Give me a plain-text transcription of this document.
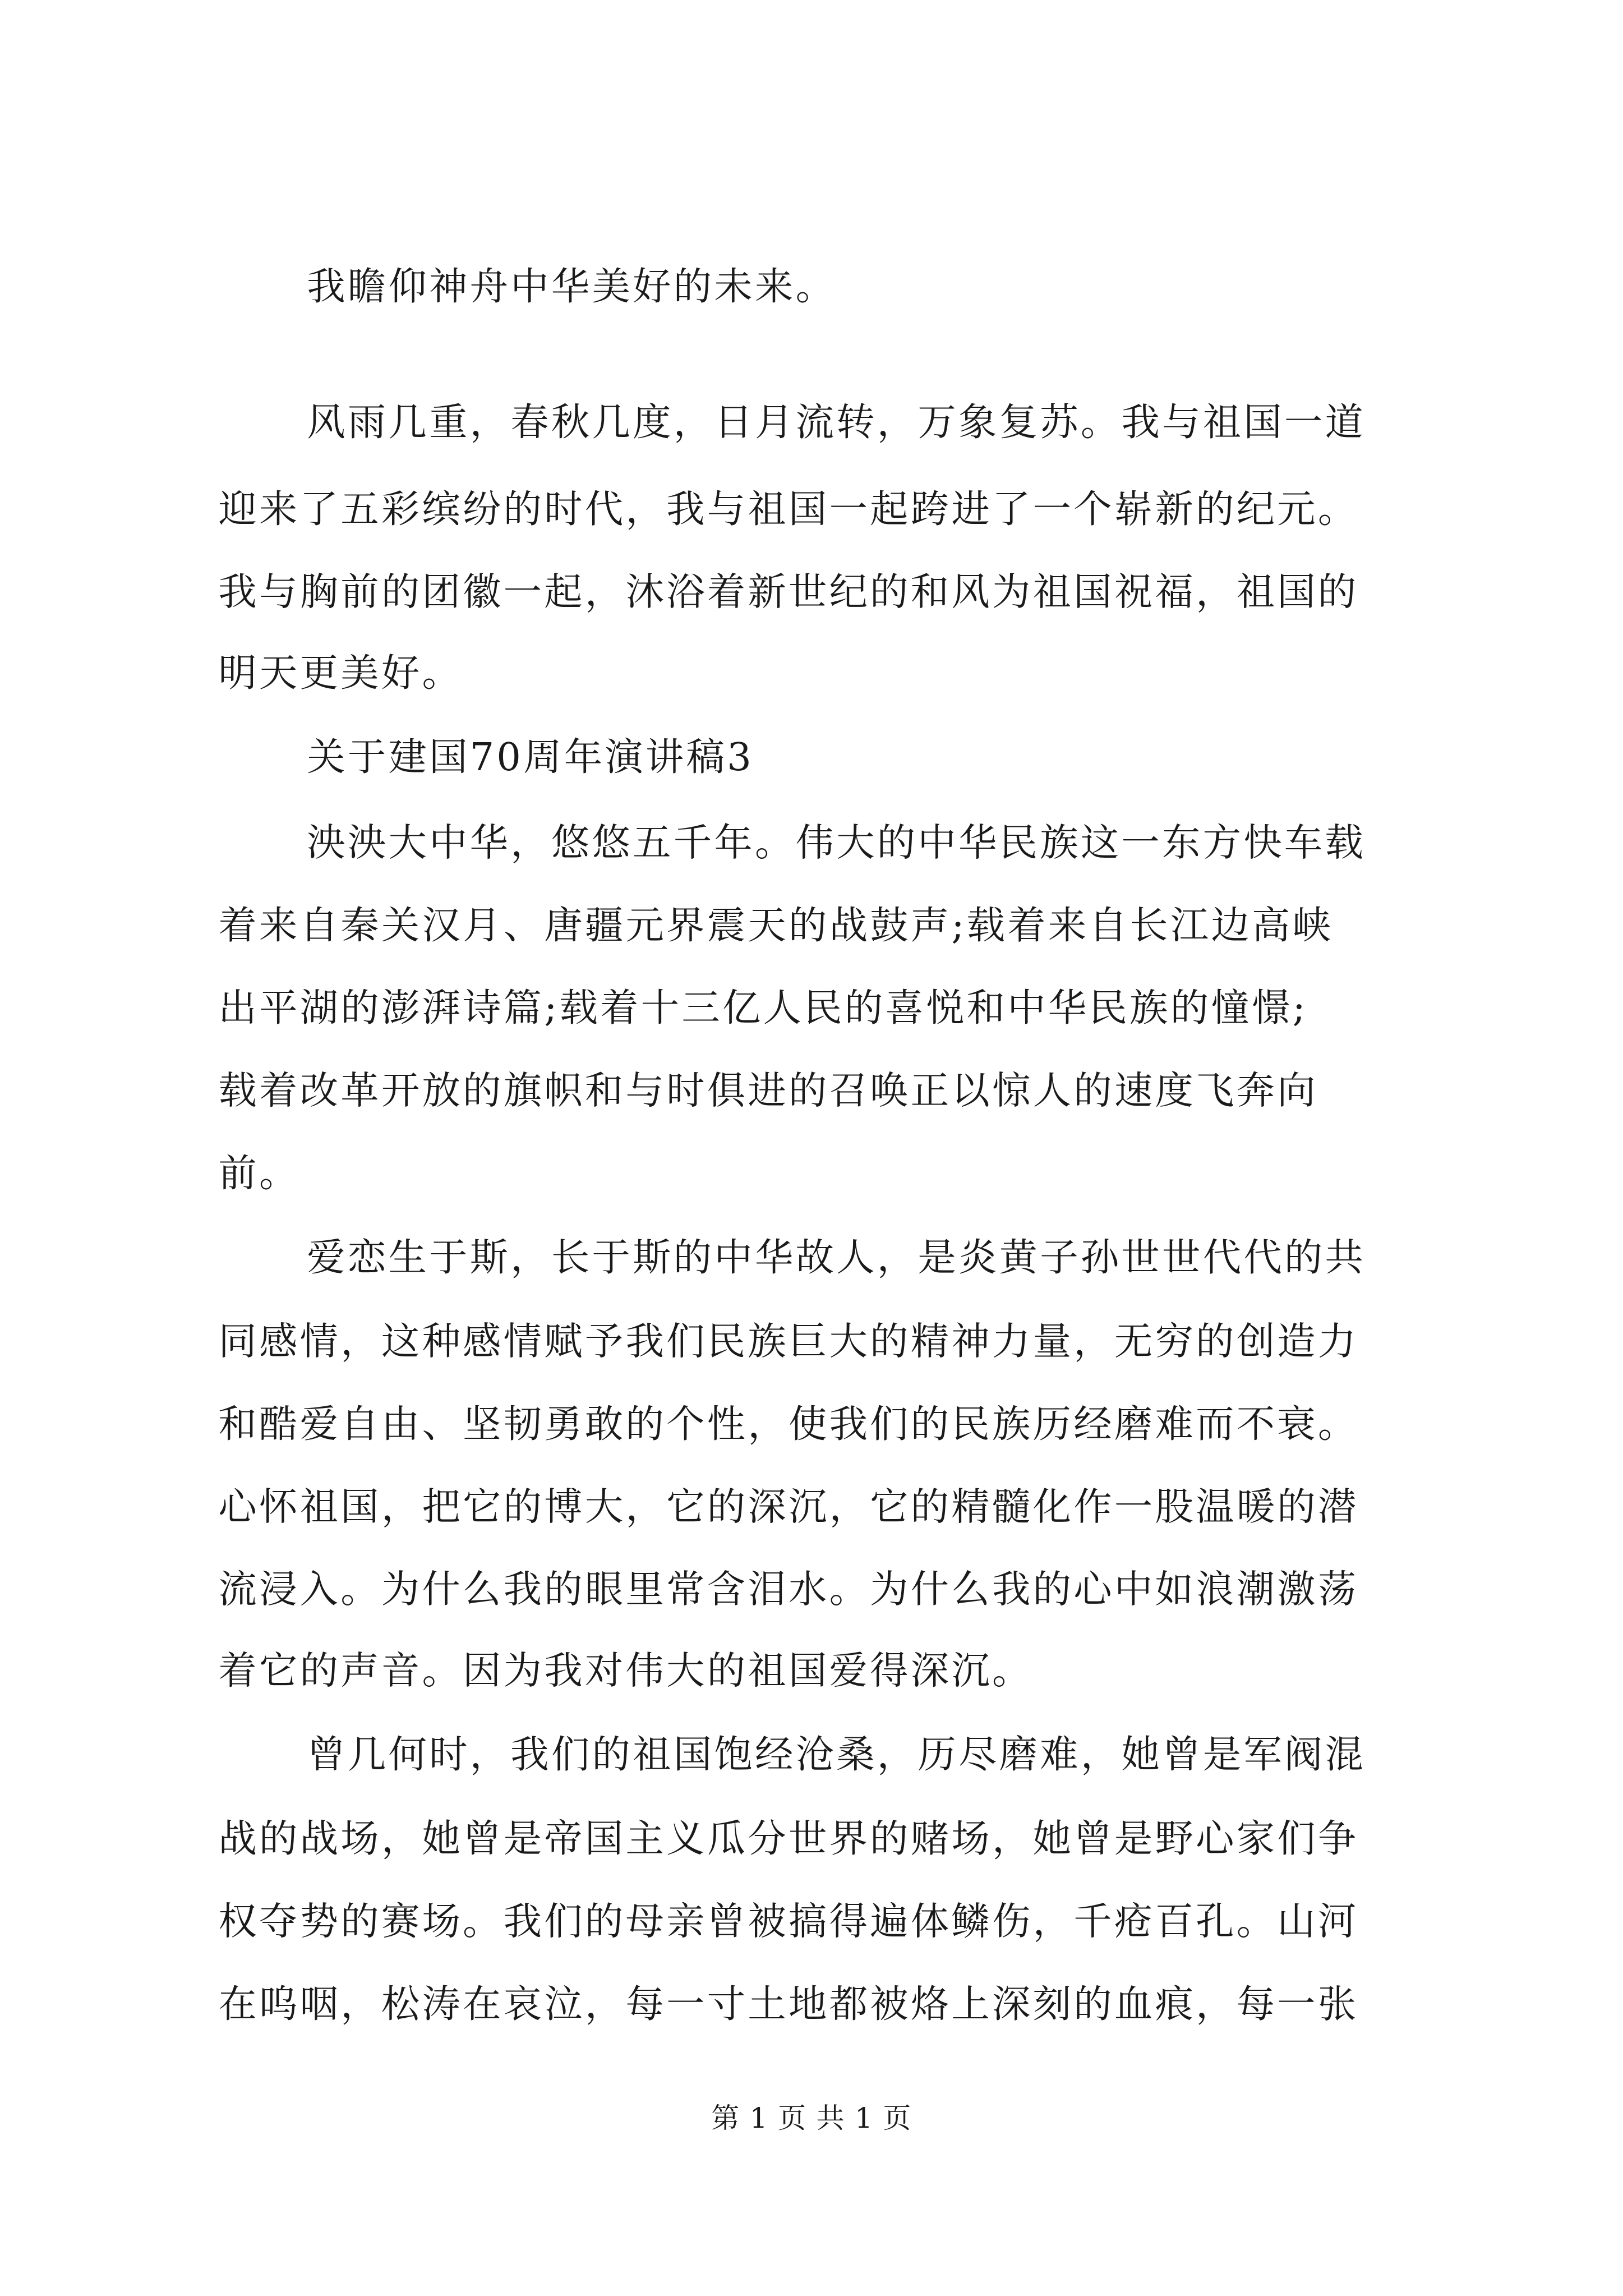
我瞻仰神舟中华美好的未来。
风雨几重，春秋几度，日月流转，万象复苏。我与祖国一道
迎来了五彩缤纷的时代，我与祖国一起跨进了一个崭新的纪元。
我与胸前的团徽一起，沐浴着新世纪的和风为祖国祝福，祖国的
明天更美好。
关于建国70周年演讲稿3
泱泱大中华，悠悠五千年。伟大的中华民族这一东方快车载
着来自秦关汉月、唐疆元界震天的战鼓声;载着来自长江边高峡
出平湖的澎湃诗篇;载着十三亿人民的喜悦和中华民族的憧憬;
载着改革开放的旗帜和与时俱进的召唤正以惊人的速度飞奔向
前。
爱恋生于斯，长于斯的中华故人，是炎黄子孙世世代代的共
同感情，这种感情赋予我们民族巨大的精神力量，无穷的创造力
和酷爱自由、坚韧勇敢的个性，使我们的民族历经磨难而不衰。
心怀祖国，把它的博大，它的深沉，它的精髓化作一股温暖的潜
流浸入。为什么我的眼里常含泪水。为什么我的心中如浪潮激荡
着它的声音。因为我对伟大的祖国爱得深沉。
曾几何时，我们的祖国饱经沧桑，历尽磨难，她曾是军阀混
战的战场，她曾是帝国主义瓜分世界的赌场，她曾是野心家们争
权夺势的赛场。我们的母亲曾被搞得遍体鳞伤，千疮百孔。山河
在呜咽，松涛在哀泣，每一寸土地都被烙上深刻的血痕，每一张
第 1 页 共 1 页
